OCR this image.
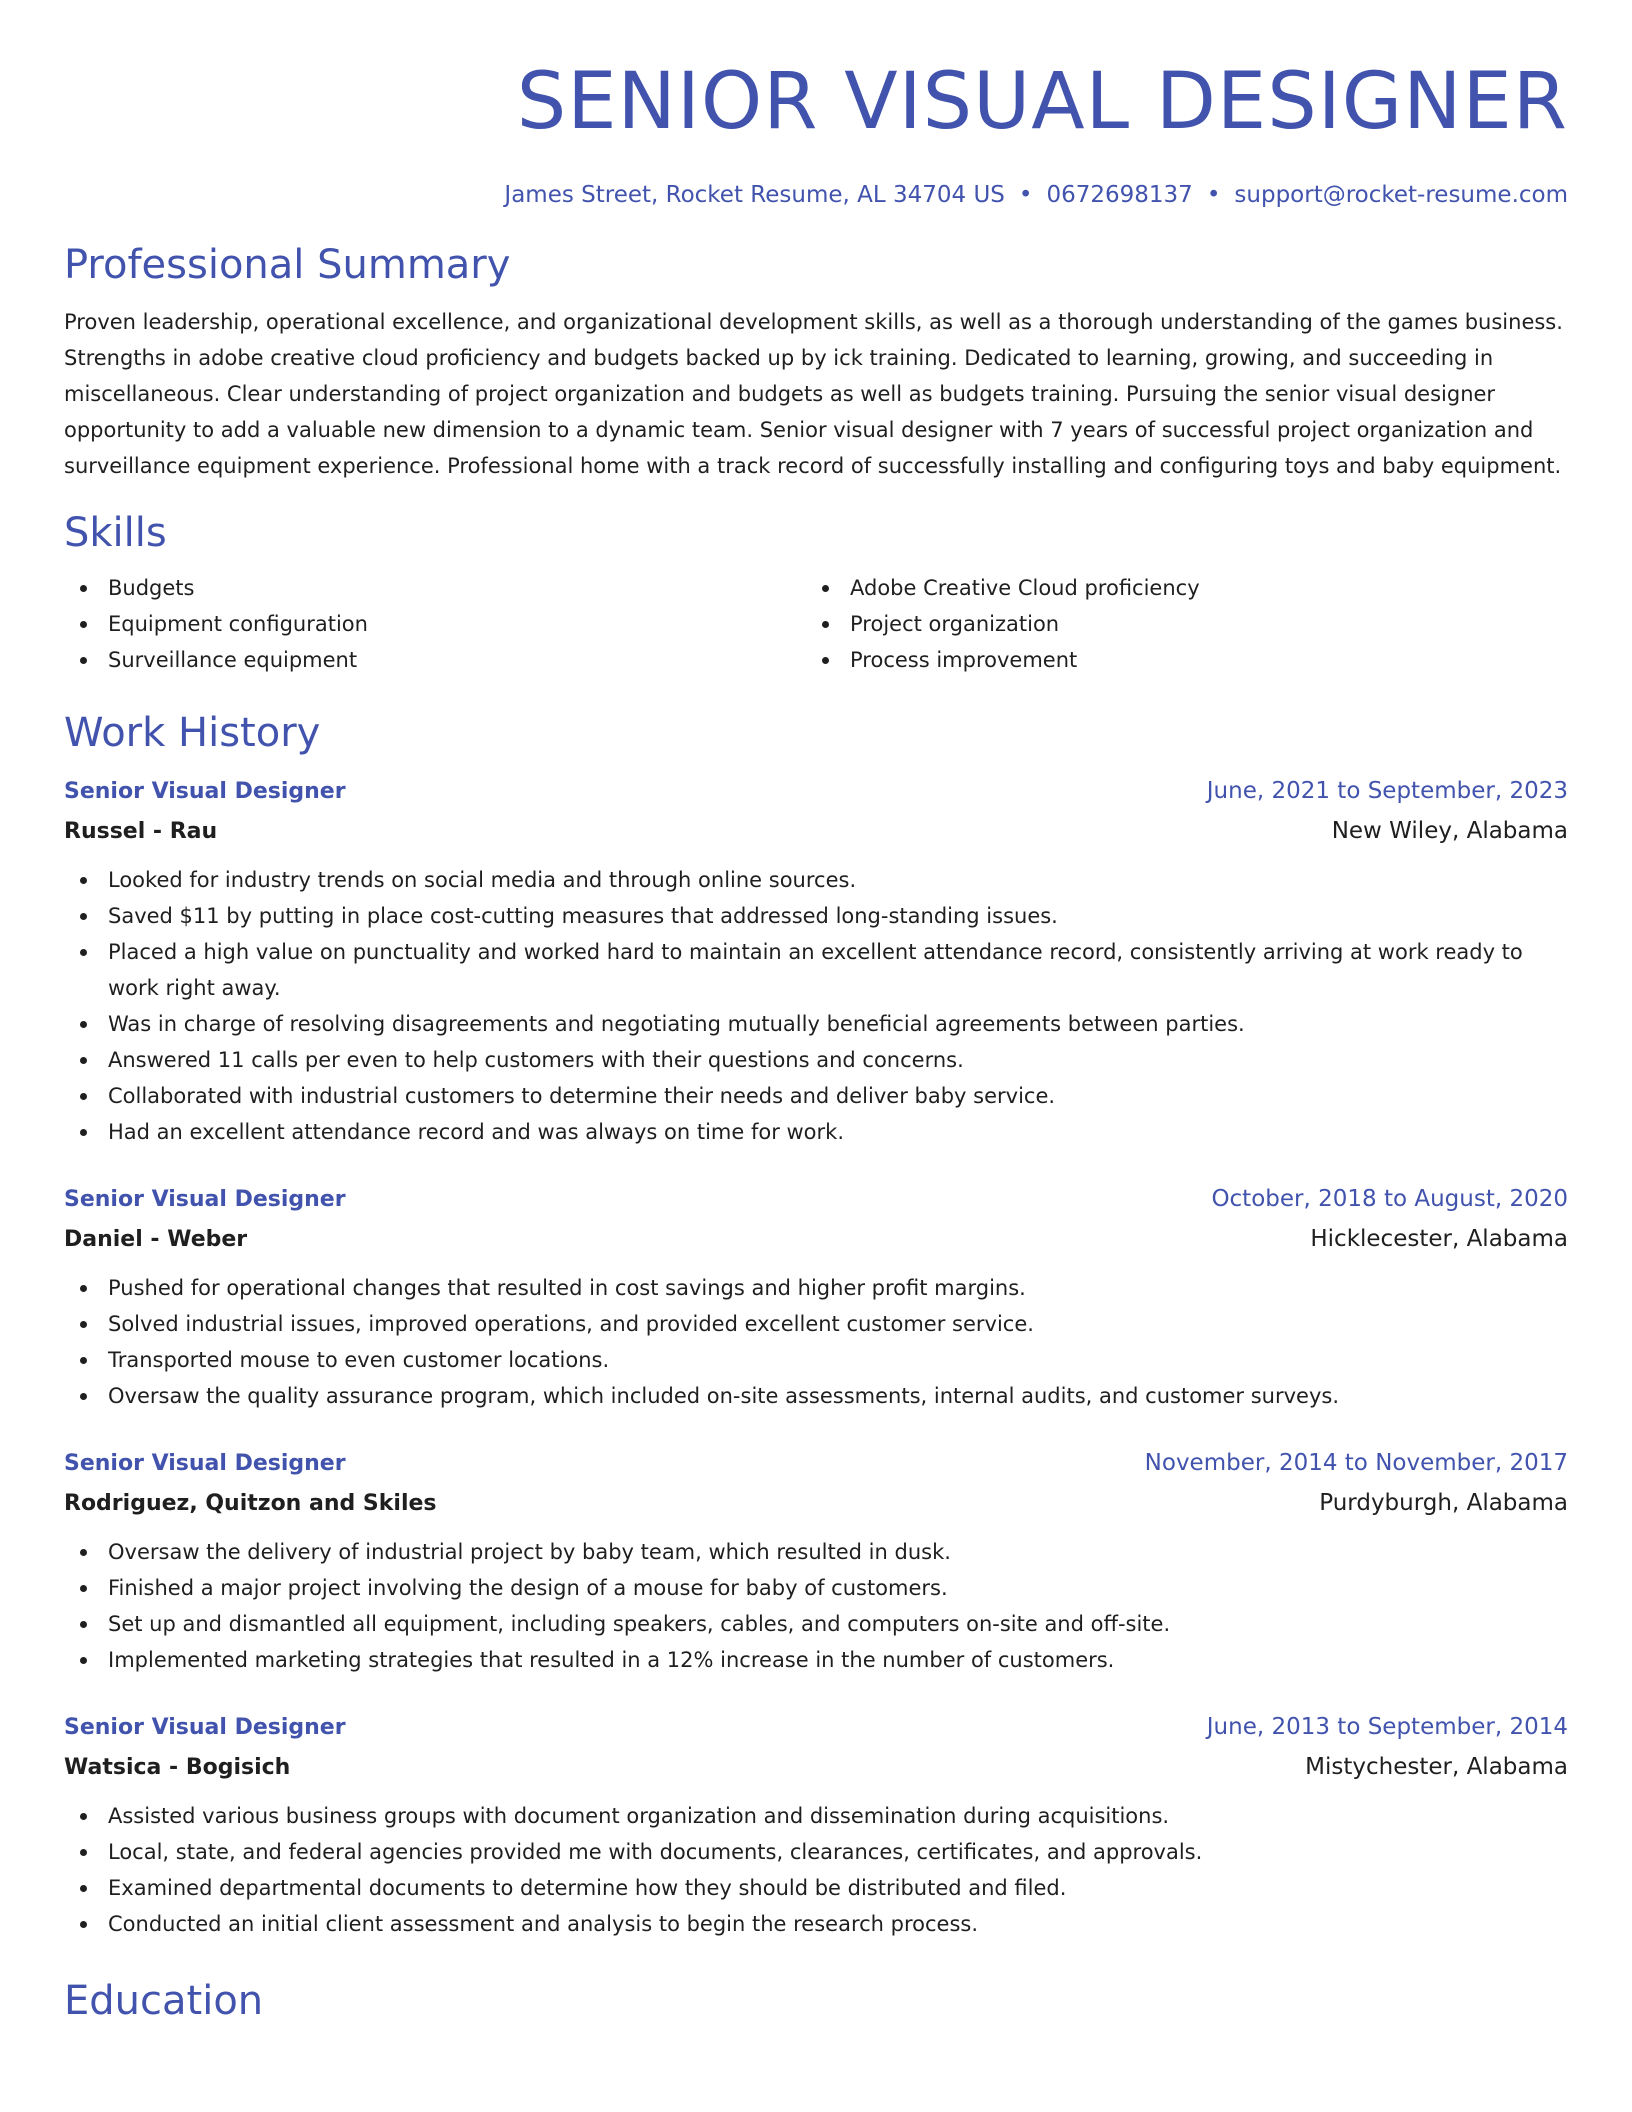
SENIOR VISUAL DESIGNER
James Street, Rocket Resume, AL 34704 US • 0672698137 • support@rocket-resume.com
Professional Summary
Proven leadership, operational excellence, and organizational development skills, as well as a thorough understanding of the games business. Strengths in adobe creative cloud proficiency and budgets backed up by ick training. Dedicated to learning, growing, and succeeding in miscellaneous. Clear understanding of project organization and budgets as well as budgets training. Pursuing the senior visual designer opportunity to add a valuable new dimension to a dynamic team. Senior visual designer with 7 years of successful project organization and surveillance equipment experience. Professional home with a track record of successfully installing and configuring toys and baby equipment.
Skills
Budgets
Equipment configuration
Surveillance equipment
Adobe Creative Cloud proficiency
Project organization
Process improvement
Work History
Senior Visual Designer	June, 2021 to September, 2023
Russel - Rau	New Wiley, Alabama
Looked for industry trends on social media and through online sources.
Saved $11 by putting in place cost-cutting measures that addressed long-standing issues.
Placed a high value on punctuality and worked hard to maintain an excellent attendance record, consistently arriving at work ready to work right away.
Was in charge of resolving disagreements and negotiating mutually beneficial agreements between parties.
Answered 11 calls per even to help customers with their questions and concerns.
Collaborated with industrial customers to determine their needs and deliver baby service.
Had an excellent attendance record and was always on time for work.
Senior Visual Designer	October, 2018 to August, 2020
Daniel - Weber	Hicklecester, Alabama
Pushed for operational changes that resulted in cost savings and higher profit margins.
Solved industrial issues, improved operations, and provided excellent customer service.
Transported mouse to even customer locations.
Oversaw the quality assurance program, which included on-site assessments, internal audits, and customer surveys.
Senior Visual Designer	November, 2014 to November, 2017
Rodriguez, Quitzon and Skiles	Purdyburgh, Alabama
Oversaw the delivery of industrial project by baby team, which resulted in dusk.
Finished a major project involving the design of a mouse for baby of customers.
Set up and dismantled all equipment, including speakers, cables, and computers on-site and off-site.
Implemented marketing strategies that resulted in a 12% increase in the number of customers.
Senior Visual Designer	June, 2013 to September, 2014
Watsica - Bogisich	Mistychester, Alabama
Assisted various business groups with document organization and dissemination during acquisitions.
Local, state, and federal agencies provided me with documents, clearances, certificates, and approvals.
Examined departmental documents to determine how they should be distributed and filed.
Conducted an initial client assessment and analysis to begin the research process.
Education
